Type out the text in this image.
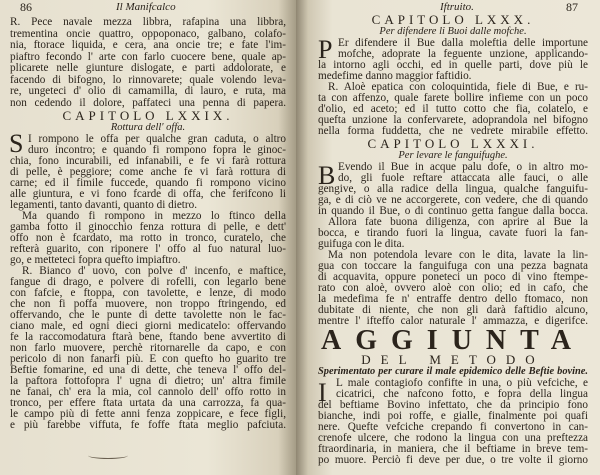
86	Il Manifcalco
S
R. Pece navale mezza libbra, rafapina una libbra,
trementina oncie quattro, oppoponaco, galbano, colafo-
nia, ftorace liquida, e cera, ana oncie tre; e fate l'im-
piaftro fecondo l' arte con farlo cuocere bene, quale ap-
plicarete nelle giunture dislogate, e parti addolorate, e
facendo di bifogno, lo rinnovarete; quale volendo leva-
re, ungeteci d' olio di camamilla, di lauro, e ruta, ma
non cedendo il dolore, paffateci una penna di papera.
CAPITOLO LXXIX.
Rottura dell' offa.
I rompono le offa per qualche gran caduta, o altro
duro incontro; e quando fi rompono fopra le ginoc-
chia, fono incurabili, ed infanabili, e fe vi farà rottura
di pelle, è peggiore; come anche fe vi farà rottura di
carne; ed il fimile fuccede, quando fi rompono vicino
alle giuntura, e vi fono fcarde di offa, che ferifcono li
legamenti, tanto davanti, quanto di dietro.
Ma quando fi rompono in mezzo lo ftinco della
gamba fotto il ginocchio fenza rottura di pelle, e dett'
offo non è fcardato, ma rotto in tronco, curatelo, che
refterà guarito, con riponere l' offo al fuo natural luo-
go, e metteteci fopra quefto impiaftro.
R. Bianco d' uovo, con polve d' incenfo, e maftice,
fangue di drago, e polvere di rofelli, con legarlo bene
con fafcie, e ftoppa, con tavolette, e lenze, di modo
che non fi poffa muovere, non troppo ftringendo, ed
offervando, che le punte di dette tavolette non le fac-
ciano male, ed ogni dieci giorni medicatelo: offervando
fe la raccomodatura ftarà bene, ftando bene avvertito di
non farlo muovere, perchè ritornarelle da capo, e con
pericolo di non fanarfi più. E con quefto ho guarito tre
Beftie fomarine, ed una di dette, che teneva l' offo del-
la paftora fottofopra l' ugna di dietro; un' altra fimile
ne fanai, ch' era la mia, col cannolo dell' offo rotto in
tronco, per effere ftata urtata da una carrozza, fa qua-
le campo più di fette anni fenza zoppicare, e fece figli,
e più farebbe viffuta, fe foffe ftata meglio pafciuta.
Iftruito.	87
P
B
I
CAPITOLO LXXX.
Per difendere li Buoi dalle mofche.
Er difendere il Bue dalla moleftia delle importune
mofche, adoprate la feguente unzione, applicando-
la intorno agli occhi, ed in quelle parti, dove più le
medefime danno maggior faftidio.
R. Aloè epatica con coloquintida, fiele di Bue, e ru-
ta con affenzo, quale farete bollire infieme con un poco
d'olio, ed aceto; ed il tutto cotto che fia, colatelo, e
quefta unzione la confervarete, adoprandola nel bifogno
nella forma fuddetta, che ne vedrete mirabile effetto.
CAPITOLO LXXXI.
Per levare le fanguifughe.
Evendo il Bue in acque palu dofe, o in altro mo-
do, gli fuole reftare attaccata alle fauci, o alle
gengive, o alla radice della lingua, qualche fanguifu-
ga, e di ciò ve ne accorgerete, con vedere, che di quando
in quando il Bue, o di continuo getta fangue dalla bocca.
Allora fate buona diligenza, con aprire al Bue la
bocca, e tirando fuori la lingua, cavate fuori la fan-
guifuga con le dita.
Ma non potendola levare con le dita, lavate la lin-
gua con toccare la fanguifuga con una pezza bagnata
di acquavita, oppure poneteci un poco di vino ftempe-
rato con aloè, ovvero aloè con olio; ed in cafo, che
la medefima fe n' entraffe dentro dello ftomaco, non
dubitate di niente, che non gli darà faftidio alcuno,
mentre l' ifteffo calor naturale l' ammazza, e digerifce.
AGGIUNTA
DEL METODO
Sperimentato per curare il male epidemico delle Beftie bovine.
L male contagiofo confifte in una, o più vefciche, e
cicatrici, che nafcono fotto, e fopra della lingua
del beftiame Bovino infettato, che da principio fono
bianche, indi poi roffe, e gialle, finalmente poi quafi
nere. Quefte vefciche crepando fi convertono in can-
crenofe ulcere, che rodono la lingua con una preftezza
ftraordinaria, in maniera, che il beftiame in breve tem-
po muore. Perciò fi deve per due, o tre volte il giorno
